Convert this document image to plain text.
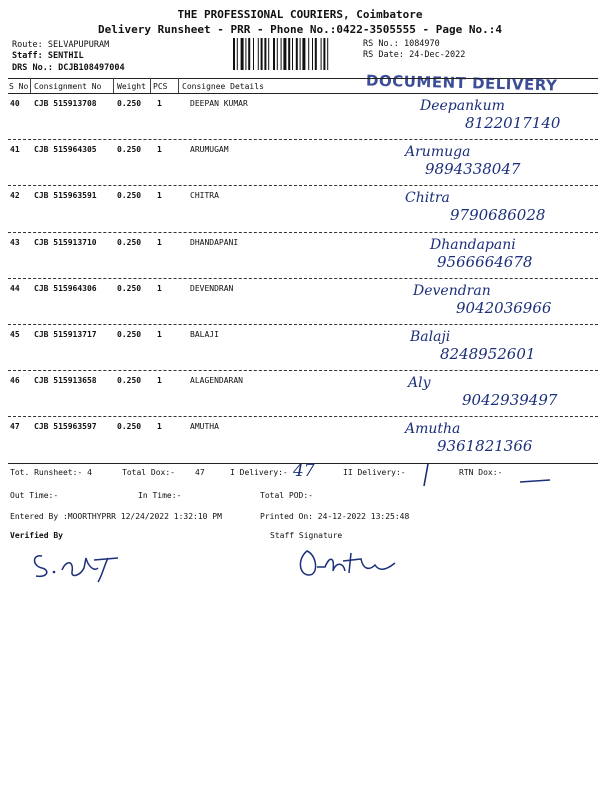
THE PROFESSIONAL COURIERS, Coimbatore
Delivery Runsheet - PRR - Phone No.:0422-3505555 - Page No.:4
Route: SELVAPUPURAM
Staff: SENTHIL
DRS No.: DCJB108497004
RS No.: 1084970
RS Date: 24-Dec-2022
DOCUMENT DELIVERY
S No Consignment No Weight PCS Consignee Details
40 CJB 515913708	0.250 1	DEEPAN KUMAR	Deepankum
8122017140
41 CJB 515964305	0.250 1	ARUMUGAM	Arumuga
9894338047
42 CJB 515963591	0.250 1	CHITRA	Chitra
9790686028
43 CJB 515913710	0.250 1	DHANDAPANI	Dhandapani
9566664678
44 CJB 515964306	0.250 1	DEVENDRAN	Devendran
9042036966
45 CJB 515913717	0.250 1	BALAJI	Balaji
8248952601
46 CJB 515913658	0.250 1	ALAGENDARAN	Aly
9042939497
47 CJB 515963597	0.250 1	AMUTHA	Amutha
9361821366
Tot. Runsheet:- 4	Total Dox:-	47	I Delivery:- 47	II Delivery:-	RTN Dox:-
Out Time:-	In Time:-	Total POD:-
Entered By :MOORTHYPRR 12/24/2022 1:32:10 PM	Printed On: 24-12-2022 13:25:48
Verified By	Staff Signature
